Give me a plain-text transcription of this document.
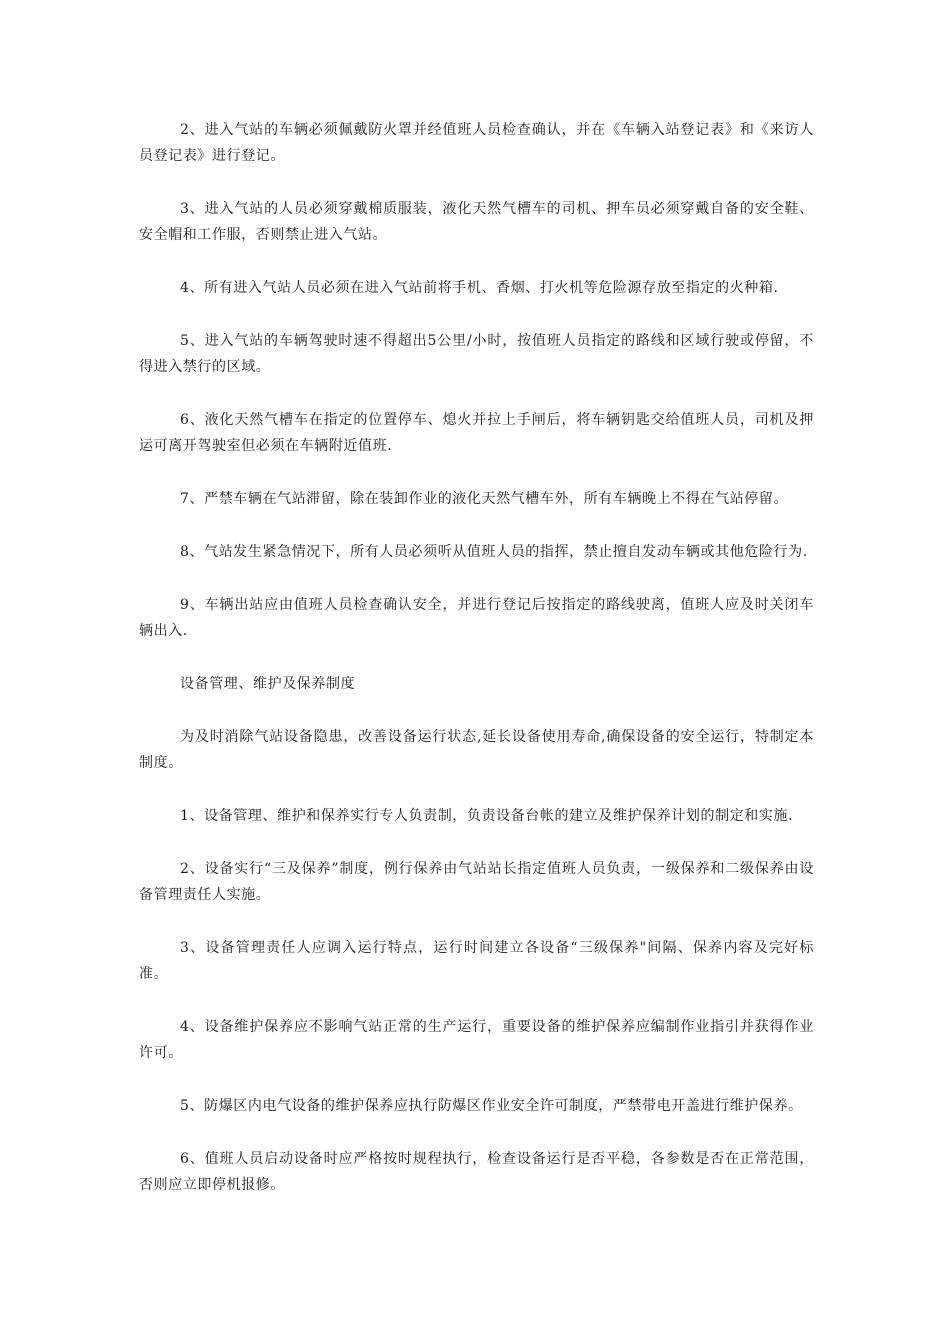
2、进入气站的车辆必须佩戴防火罩并经值班人员检查确认，并在《车辆入站登记表》和《来访人员登记表》进行登记。

3、进入气站的人员必须穿戴棉质服装，液化天然气槽车的司机、押车员必须穿戴自备的安全鞋、安全帽和工作服，否则禁止进入气站。

4、所有进入气站人员必须在进入气站前将手机、香烟、打火机等危险源存放至指定的火种箱.

5、进入气站的车辆驾驶时速不得超出5公里/小时，按值班人员指定的路线和区域行驶或停留，不得进入禁行的区域。

6、液化天然气槽车在指定的位置停车、熄火并拉上手闸后，将车辆钥匙交给值班人员，司机及押运可离开驾驶室但必须在车辆附近值班.

7、严禁车辆在气站滞留，除在装卸作业的液化天然气槽车外，所有车辆晚上不得在气站停留。

8、气站发生紧急情况下，所有人员必须听从值班人员的指挥，禁止擅自发动车辆或其他危险行为.

9、车辆出站应由值班人员检查确认安全，并进行登记后按指定的路线驶离，值班人应及时关闭车辆出入.

设备管理、维护及保养制度

为及时消除气站设备隐患，改善设备运行状态,延长设备使用寿命,确保设备的安全运行，特制定本制度。

1、设备管理、维护和保养实行专人负责制，负责设备台帐的建立及维护保养计划的制定和实施.

2、设备实行“三及保养”制度，例行保养由气站站长指定值班人员负责，一级保养和二级保养由设备管理责任人实施。

3、设备管理责任人应调入运行特点，运行时间建立各设备“三级保养"间隔、保养内容及完好标准。

4、设备维护保养应不影响气站正常的生产运行，重要设备的维护保养应编制作业指引并获得作业许可。

5、防爆区内电气设备的维护保养应执行防爆区作业安全许可制度，严禁带电开盖进行维护保养。

6、值班人员启动设备时应严格按时规程执行，检查设备运行是否平稳，各参数是否在正常范围，否则应立即停机报修。
